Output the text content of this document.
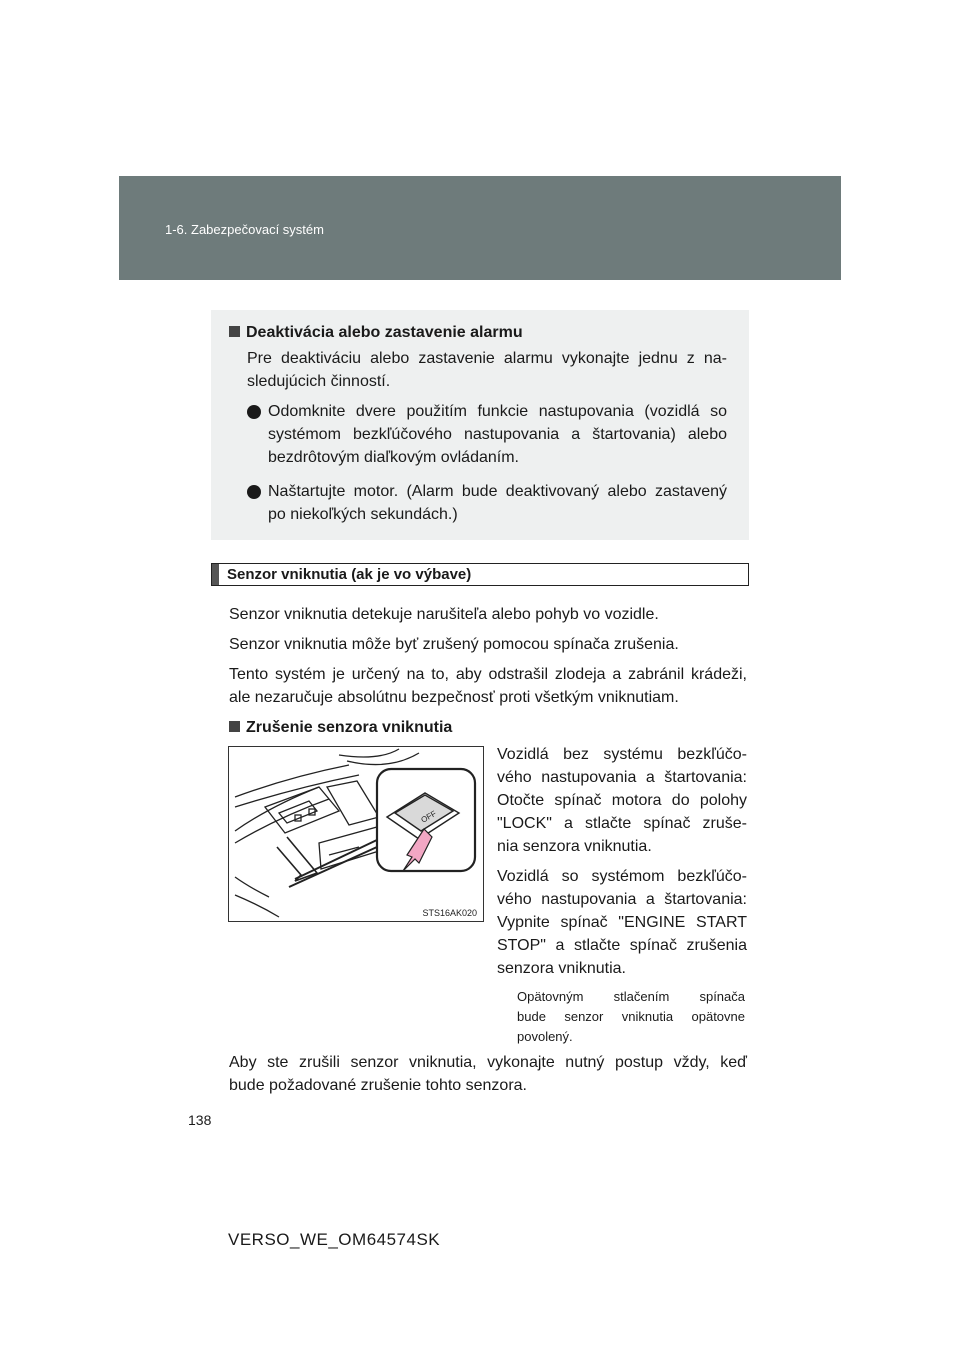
1-6. Zabezpečovací systém
Deaktivácia alebo zastavenie alarmu
Pre deaktiváciu alebo zastavenie alarmu vykonajte jednu z na-
sledujúcich činností.
Odomknite dvere použitím funkcie nastupovania (vozidlá so
systémom bezkľúčového nastupovania a štartovania) alebo
bezdrôtovým diaľkovým ovládaním.
Naštartujte motor. (Alarm bude deaktivovaný alebo zastavený
po niekoľkých sekundách.)
Senzor vniknutia (ak je vo výbave)
Senzor vniknutia detekuje narušiteľa alebo pohyb vo vozidle.
Senzor vniknutia môže byť zrušený pomocou spínača zrušenia.
Tento systém je určený na to, aby odstrašil zlodeja a zabránil krádeži,
ale nezaručuje absolútnu bezpečnosť proti všetkým vniknutiam.
Zrušenie senzora vniknutia
OFF
STS16AK020
Vozidlá bez systému bezkľúčo-
vého nastupovania a štartovania:
Otočte spínač motora do polohy
"LOCK" a stlačte spínač zruše-
nia senzora vniknutia.
Vozidlá so systémom bezkľúčo-
vého nastupovania a štartovania:
Vypnite spínač "ENGINE START
STOP" a stlačte spínač zrušenia
senzora vniknutia.
Opätovným stlačením spínača
bude senzor vniknutia opätovne
povolený.
Aby ste zrušili senzor vniknutia, vykonajte nutný postup vždy, keď
bude požadované zrušenie tohto senzora.
138
VERSO_WE_OM64574SK
